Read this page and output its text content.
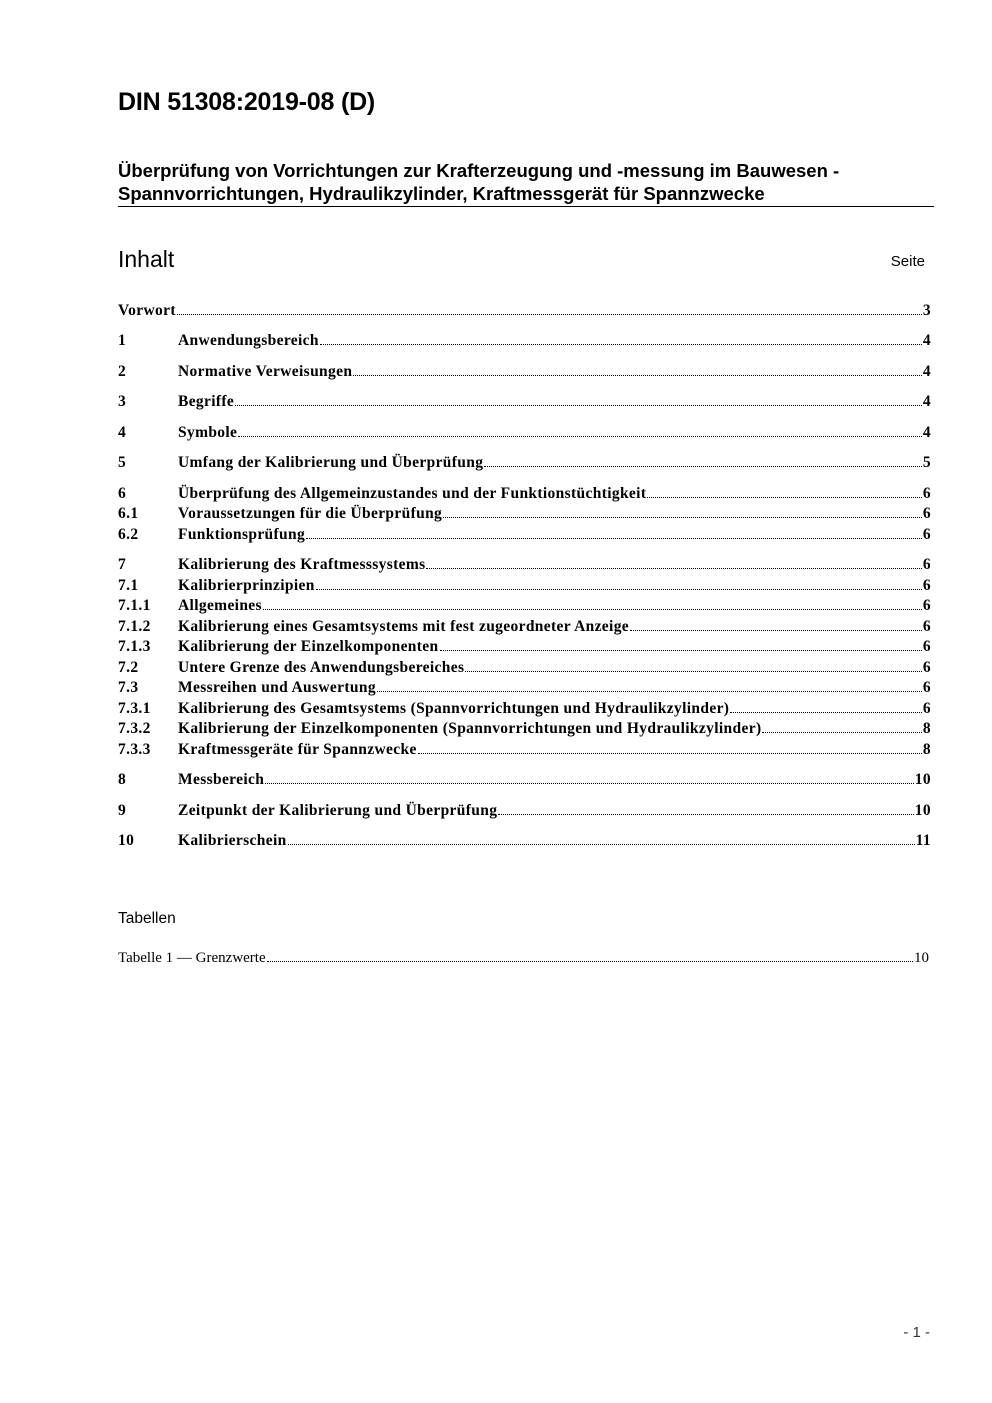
DIN 51308:2019-08 (D)
Überprüfung von Vorrichtungen zur Krafterzeugung und -messung im Bauwesen -
Spannvorrichtungen, Hydraulikzylinder, Kraftmessgerät für Spannzwecke
Inhalt	Seite
Vorwort	3
1	Anwendungsbereich	4
2	Normative Verweisungen	4
3	Begriffe	4
4	Symbole	4
5	Umfang der Kalibrierung und Überprüfung	5
6	Überprüfung des Allgemeinzustandes und der Funktionstüchtigkeit	6
6.1	Voraussetzungen für die Überprüfung	6
6.2	Funktionsprüfung	6
7	Kalibrierung des Kraftmesssystems	6
7.1	Kalibrierprinzipien	6
7.1.1	Allgemeines	6
7.1.2	Kalibrierung eines Gesamtsystems mit fest zugeordneter Anzeige	6
7.1.3	Kalibrierung der Einzelkomponenten	6
7.2	Untere Grenze des Anwendungsbereiches	6
7.3	Messreihen und Auswertung	6
7.3.1	Kalibrierung des Gesamtsystems (Spannvorrichtungen und Hydraulikzylinder)	6
7.3.2	Kalibrierung der Einzelkomponenten (Spannvorrichtungen und Hydraulikzylinder)	8
7.3.3	Kraftmessgeräte für Spannzwecke	8
8	Messbereich	10
9	Zeitpunkt der Kalibrierung und Überprüfung	10
10	Kalibrierschein	11
Tabellen
Tabelle 1 — Grenzwerte	10
- 1 -
